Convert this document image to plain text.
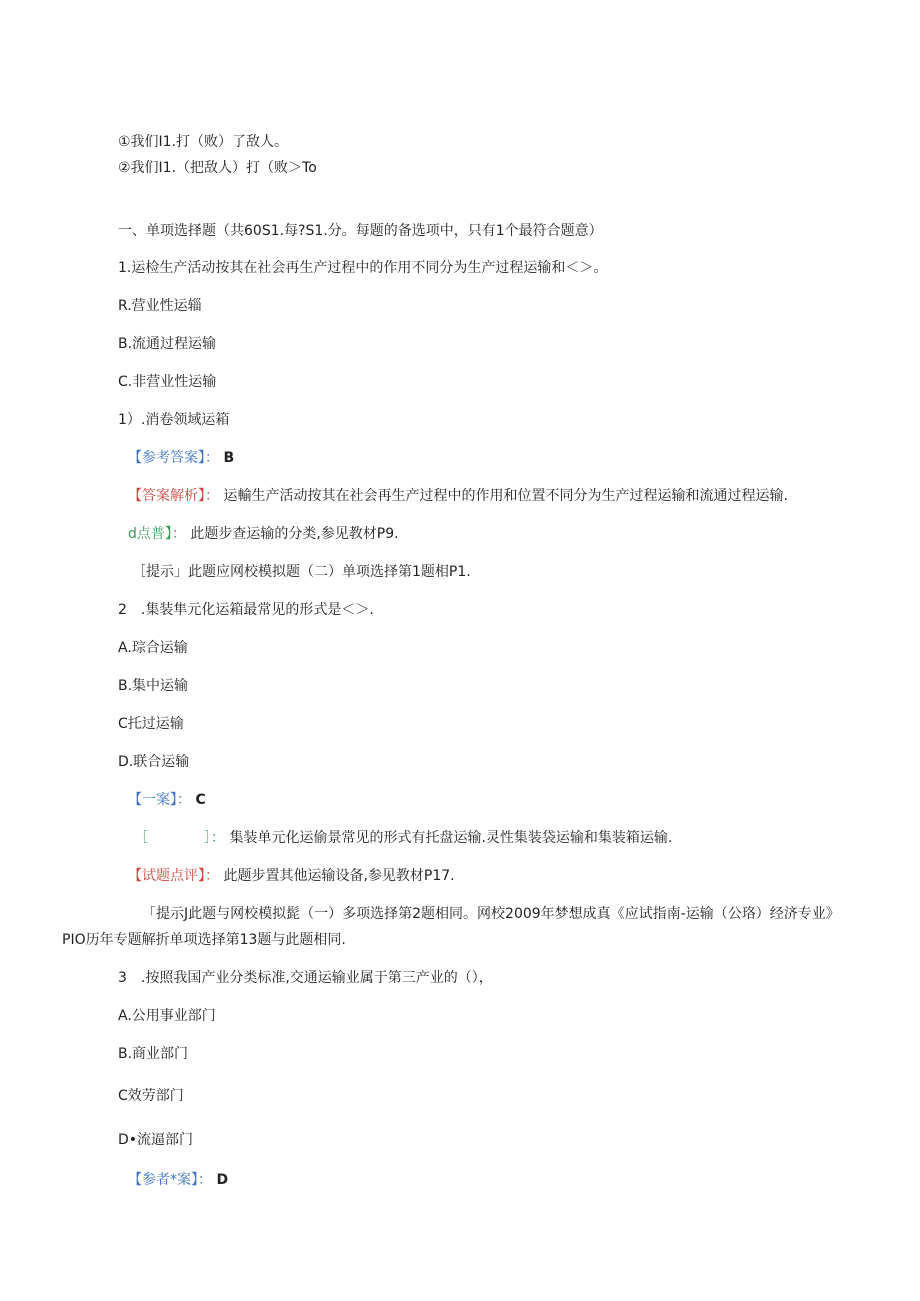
①我们I1.打（败）了敌人。
②我们I1.（把敌人）打（败＞To
一、单项选择题（共60S1.每?S1.分。每题的备选项中，只有1个最符合题意）
1.运检生产活动按其在社会再生产过程中的作用不同分为生产过程运输和＜＞。
R.营业性运辎
B.流通过程运输
C.非营业性运输
1）.消卷领域运箱
【参考答案】： B
【答案解析】： 运輸生产活动按其在社会再生产过程中的作用和位置不同分为生产过程运输和流通过程运输.
d点普】： 此题步查运输的分类,参见教材P9.
［提示」此题应网校模拟题（二）单项选择第1题相P1.
2　.集装隼元化运箱最常见的形式是＜＞.
A.琮合运输
B.集中运输
C托过运输
D.联合运输
【一案】： C
［　　　　］： 集装单元化运偷景常见的形式有托盘运输.灵性集装袋运输和集装箱运输.
【试题点评】： 此题步置其他运输设备,参见教材P17.
「提示J此题与网校模拟髭（一）多项选择第2题相同。网校2009年梦想成真《应试指南-运输（公珞）经济专业》
PIO历年专题解折单项选择第13题与此题相同.
3　.按照我国产业分类标准,交通运输业属于第三产业的（），
A.公用事业部门
B.商业部门
C效劳部门
D•流逼部门
【参者*案】： D
